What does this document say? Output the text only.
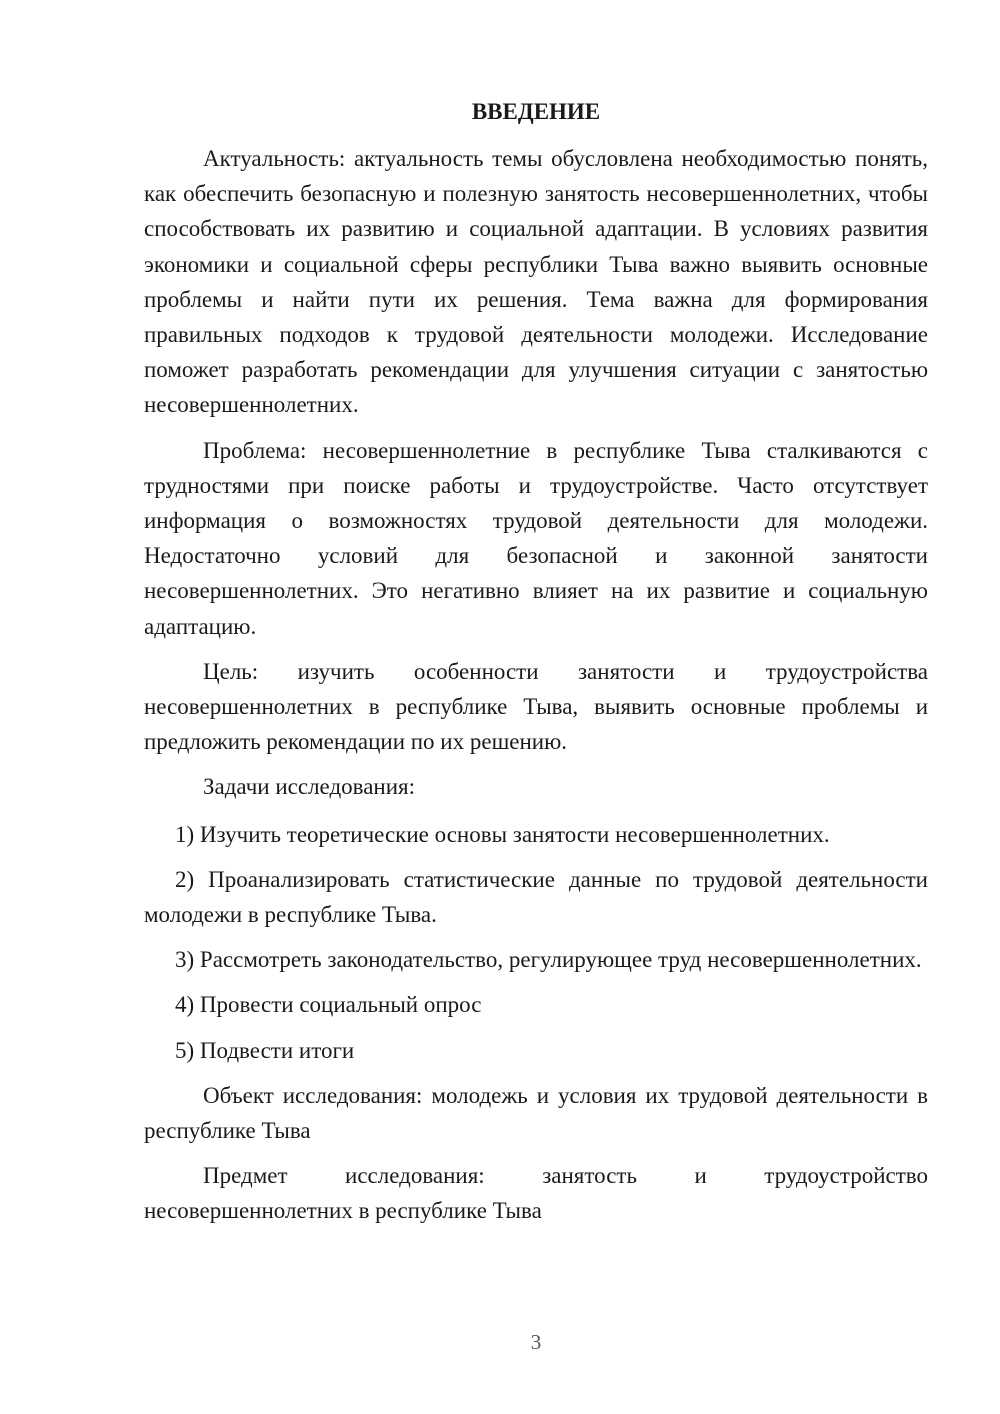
ВВЕДЕНИЕ

Актуальность: актуальность темы обусловлена необходимостью понять, как обеспечить безопасную и полезную занятость несовершеннолетних, чтобы способствовать их развитию и социальной адаптации. В условиях развития экономики и социальной сферы республики Тыва важно выявить основные проблемы и найти пути их решения. Тема важна для формирования правильных подходов к трудовой деятельности молодежи. Исследование поможет разработать рекомендации для улучшения ситуации с занятостью несовершеннолетних.

Проблема: несовершеннолетние в республике Тыва сталкиваются с трудностями при поиске работы и трудоустройстве. Часто отсутствует информация о возможностях трудовой деятельности для молодежи. Недостаточно условий для безопасной и законной занятости несовершеннолетних. Это негативно влияет на их развитие и социальную адаптацию.

Цель: изучить особенности занятости и трудоустройства несовершеннолетних в республике Тыва, выявить основные проблемы и предложить рекомендации по их решению.

Задачи исследования:

1) Изучить теоретические основы занятости несовершеннолетних.

2) Проанализировать статистические данные по трудовой деятельности молодежи в республике Тыва.

3) Рассмотреть законодательство, регулирующее труд несовершеннолетних.

4) Провести социальный опрос

5) Подвести итоги

Объект исследования: молодежь и условия их трудовой деятельности в республике Тыва

Предмет исследования: занятость и трудоустройство несовершеннолетних в республике Тыва

3
